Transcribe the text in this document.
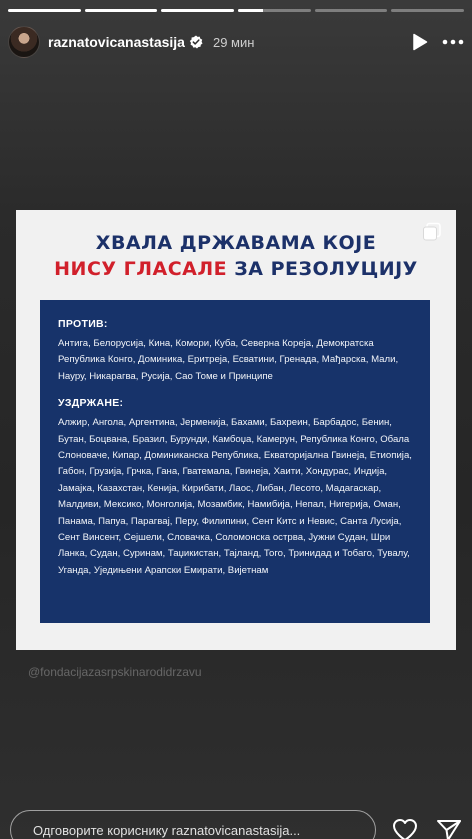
raznatovicanastasija 29 мин
ХВАЛА ДРЖАВАМА КОЈЕ
НИСУ ГЛАСАЛЕ ЗА РЕЗОЛУЦИЈУ
ПРОТИВ:
Антига, Белорусија, Кина, Комори, Куба, Северна Кореја, Демократска Република Конго, Доминика, Еритреја, Есватини, Гренада, Мађарска, Мали, Науру, Никарагва, Русија, Сао Томе и Принципе
УЗДРЖАНЕ:
Алжир, Ангола, Аргентина, Јерменија, Бахами, Бахреин, Барбадос, Бенин, Бутан, Боцвана, Бразил, Бурунди, Камбоџа, Камерун, Република Конго, Обала Слоноваче, Кипар, Доминиканска Република, Екваторијална Гвинеја, Етиопија, Габон, Грузија, Грчка, Гана, Гватемала, Гвинеја, Хаити, Хондурас, Индија, Јамајка, Казахстан, Кенија, Кирибати, Лаос, Либан, Лесото, Мадагаскар, Малдиви, Мексико, Монголија, Мозамбик, Намибија, Непал, Нигерија, Оман, Панама, Папуа, Парагвај, Перу, Филипини, Сент Китс и Невис, Санта Лусија, Сент Винсент, Сејшели, Словачка, Соломонска острва, Јужни Судан, Шри Ланка, Судан, Суринам, Таџикистан, Тајланд, Того, Тринидад и Тобаго, Тувалу, Уганда, Уједињени Арапски Емирати, Вијетнам
@fondacijazasrpskinarodidrzavu
Одговорите кориснику raznatovicanastasija...
